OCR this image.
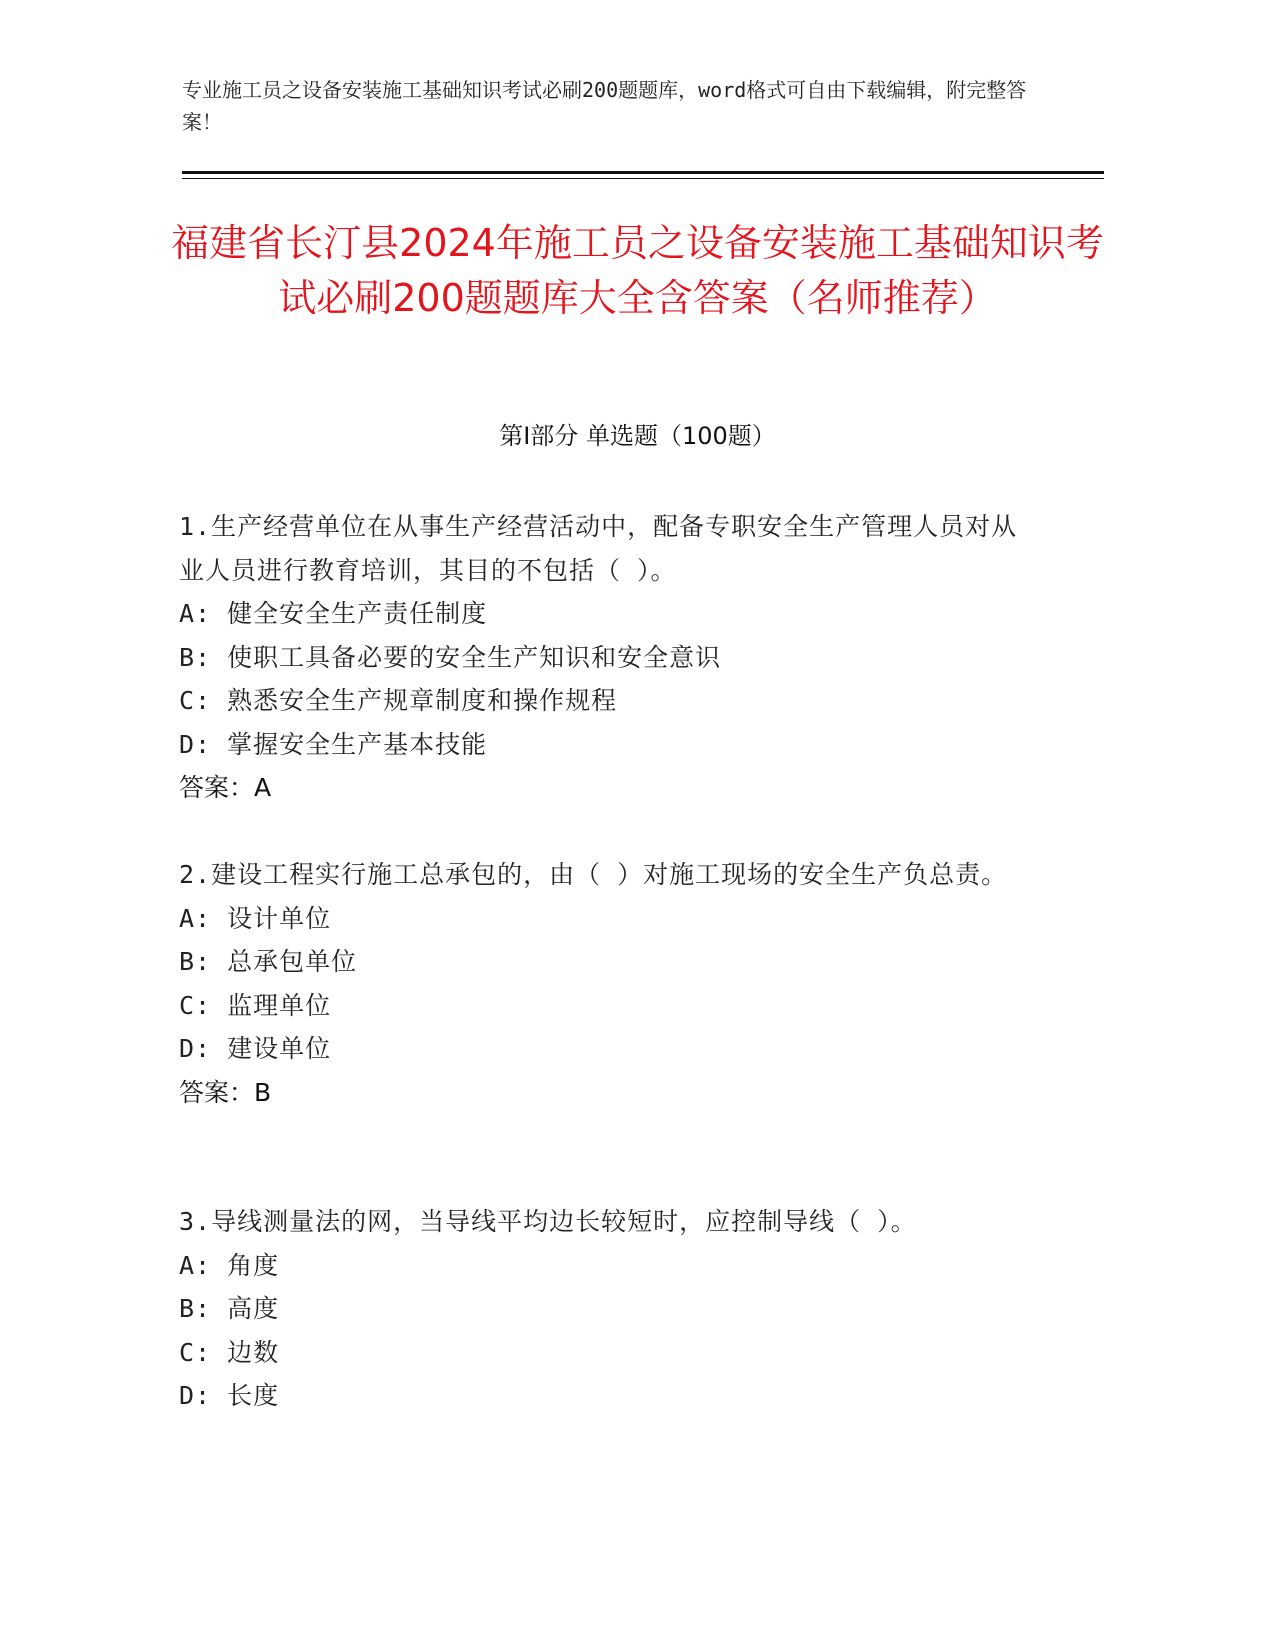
专业施工员之设备安装施工基础知识考试必刷200题题库，word格式可自由下载编辑，附完整答案！
福建省长汀县2024年施工员之设备安装施工基础知识考试必刷200题题库大全含答案（名师推荐）
第I部分 单选题（100题）
1.生产经营单位在从事生产经营活动中，配备专职安全生产管理人员对从业人员进行教育培训，其目的不包括（ ）。
A: 健全安全生产责任制度
B: 使职工具备必要的安全生产知识和安全意识
C: 熟悉安全生产规章制度和操作规程
D: 掌握安全生产基本技能
答案：A
2.建设工程实行施工总承包的，由（ ）对施工现场的安全生产负总责。
A: 设计单位
B: 总承包单位
C: 监理单位
D: 建设单位
答案：B
3.导线测量法的网，当导线平均边长较短时，应控制导线（ ）。
A: 角度
B: 高度
C: 边数
D: 长度
